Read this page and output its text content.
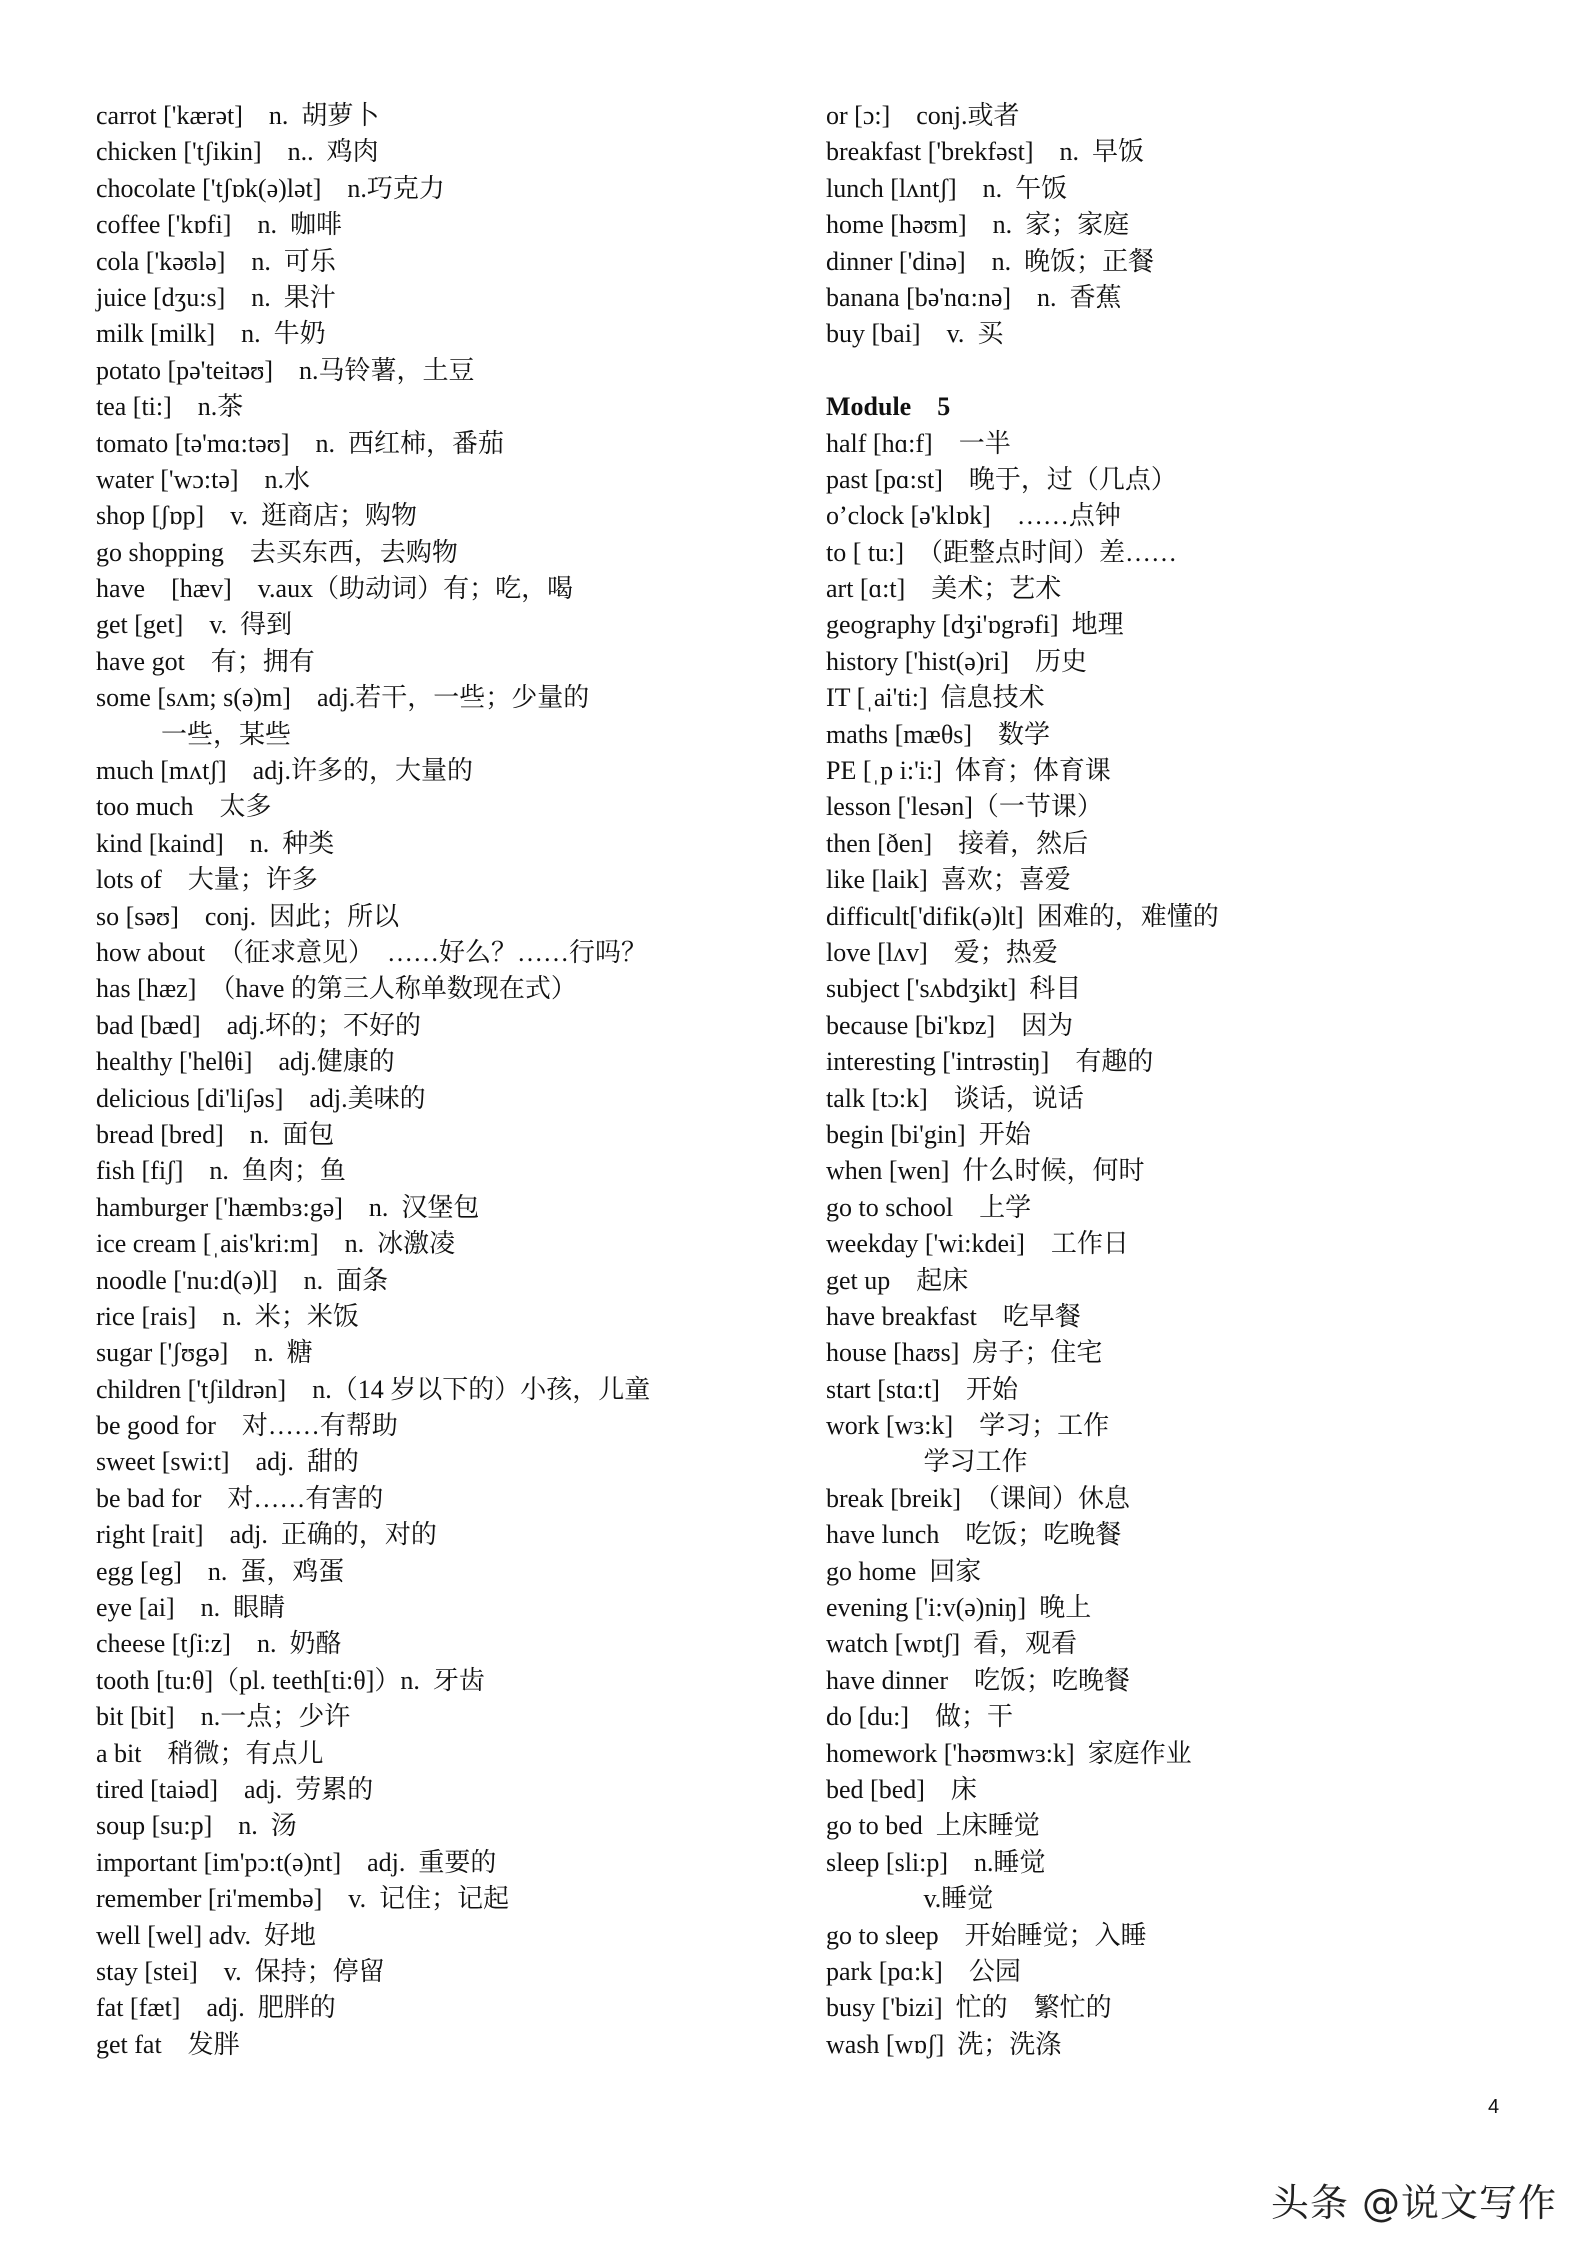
carrot ['kærət]    n.  胡萝卜
chicken ['tʃikin]    n..  鸡肉
chocolate ['tʃɒk(ə)lət]    n.巧克力
coffee ['kɒfi]    n.  咖啡
cola ['kəʊlə]    n.  可乐
juice [dʒu:s]    n.  果汁
milk [milk]    n.  牛奶
potato [pə'teitəʊ]    n.马铃薯，土豆
tea [ti:]    n.茶
tomato [tə'mɑ:təʊ]    n.  西红柿，番茄
water ['wɔ:tə]    n.水
shop [ʃɒp]    v.  逛商店；购物
go shopping    去买东西，去购物
have    [hæv]    v.aux（助动词）有；吃，喝
get [get]    v.  得到
have got    有；拥有
some [sʌm; s(ə)m]    adj.若干，一些；少量的
一些，某些
much [mʌtʃ]    adj.许多的，大量的
too much    太多
kind [kaind]    n.  种类
lots of    大量；许多
so [səʊ]    conj.  因此；所以
how about  （征求意见）  ……好么？……行吗？
has [hæz]  （have 的第三人称单数现在式）
bad [bæd]    adj.坏的；不好的
healthy ['helθi]    adj.健康的
delicious [di'liʃəs]    adj.美味的
bread [bred]    n.  面包
fish [fiʃ]    n.  鱼肉；鱼
hamburger ['hæmbɜ:gə]    n.  汉堡包
ice cream [ˌais'kri:m]    n.  冰激凌
noodle ['nu:d(ə)l]    n.  面条
rice [rais]    n.  米；米饭
sugar ['ʃʊgə]    n.  糖
children ['tʃildrən]    n.（14 岁以下的）小孩，儿童
be good for    对……有帮助
sweet [swi:t]    adj.  甜的
be bad for    对……有害的
right [rait]    adj.  正确的，对的
egg [eg]    n.  蛋，鸡蛋
eye [ai]    n.  眼睛
cheese [tʃi:z]    n.  奶酪
tooth [tu:θ]（pl. teeth[ti:θ]）n.  牙齿
bit [bit]    n.一点；少许
a bit    稍微；有点儿
tired [taiəd]    adj.  劳累的
soup [su:p]    n.  汤
important [im'pɔ:t(ə)nt]    adj.  重要的
remember [ri'membə]    v.  记住；记起
well [wel] adv.  好地
stay [stei]    v.  保持；停留
fat [fæt]    adj.  肥胖的
get fat    发胖
or [ɔ:]    conj.或者
breakfast ['brekfəst]    n.  早饭
lunch [lʌntʃ]    n.  午饭
home [həʊm]    n.  家；家庭
dinner ['dinə]    n.  晚饭；正餐
banana [bə'nɑ:nə]    n.  香蕉
buy [bai]    v.  买
Module    5
half [hɑ:f]    一半
past [pɑ:st]    晚于，过（几点）
o’clock [ə'klɒk]    ……点钟
to [ tu:]  （距整点时间）差……
art [ɑ:t]    美术；艺术
geography [dʒi'ɒgrəfi]  地理
history ['hist(ə)ri]    历史
IT [ˌai'ti:]  信息技术
maths [mæθs]    数学
PE [ˌp i:'i:]  体育；体育课
lesson ['lesən]（一节课）
then [ðen]    接着，然后
like [laik]  喜欢；喜爱
difficult['difik(ə)lt]  困难的，难懂的
love [lʌv]    爱；热爱
subject ['sʌbdʒikt]  科目
because [bi'kɒz]    因为
interesting ['intrəstiŋ]    有趣的
talk [tɔ:k]    谈话，说话
begin [bi'gin]  开始
when [wen]  什么时候，何时
go to school    上学
weekday ['wi:kdei]    工作日
get up    起床
have breakfast    吃早餐
house [haʊs]  房子；住宅
start [stɑ:t]    开始
work [wɜ:k]    学习；工作
学习工作
break [breik]  （课间）休息
have lunch    吃饭；吃晚餐
go home  回家
evening ['i:v(ə)niŋ]  晚上
watch [wɒtʃ]  看，观看
have dinner    吃饭；吃晚餐
do [du:]    做；干
homework ['həʊmwɜ:k]  家庭作业
bed [bed]    床
go to bed  上床睡觉
sleep [sli:p]    n.睡觉
v.睡觉
go to sleep    开始睡觉；入睡
park [pɑ:k]    公园
busy ['bizi]  忙的    繁忙的
wash [wɒʃ]  洗；洗涤
4
头条 @说文写作
